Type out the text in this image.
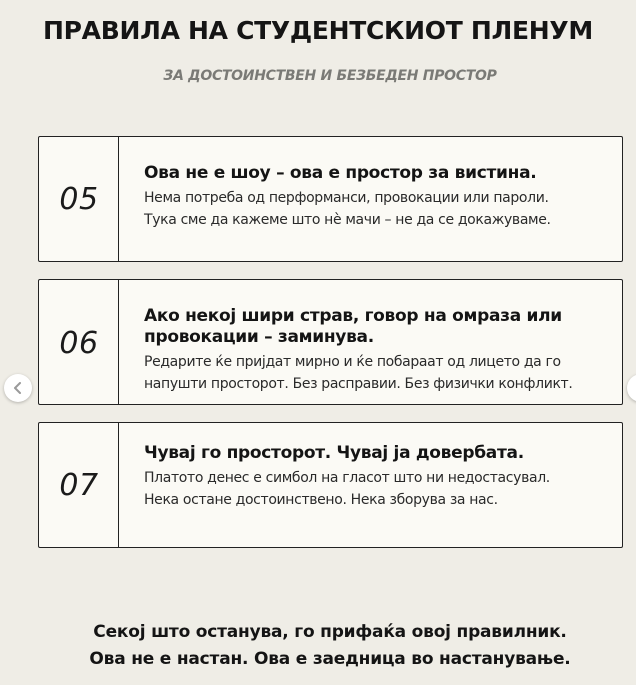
ПРАВИЛА НА СТУДЕНТСКИОТ ПЛЕНУМ
ЗА ДОСТОИНСТВЕН И БЕЗБЕДЕН ПРОСТОР
05
Ова не е шоу – ова е простор за вистина.
Нема потреба од перформанси, провокации или пароли.
Тука сме да кажеме што нè мачи – не да се докажуваме.
06
Ако некој шири страв, говор на омраза или провокации – заминува.
Редарите ќе пријдат мирно и ќе побараат од лицето да го напушти просторот. Без расправии. Без физички конфликт.
07
Чувај го просторот. Чувај ја довербата.
Платото денес е симбол на гласот што ни недостасувал.
Нека остане достоинствено. Нека зборува за нас.
Секој што останува, го прифаќа овој правилник.
Ова не е настан. Ова е заедница во настанување.
